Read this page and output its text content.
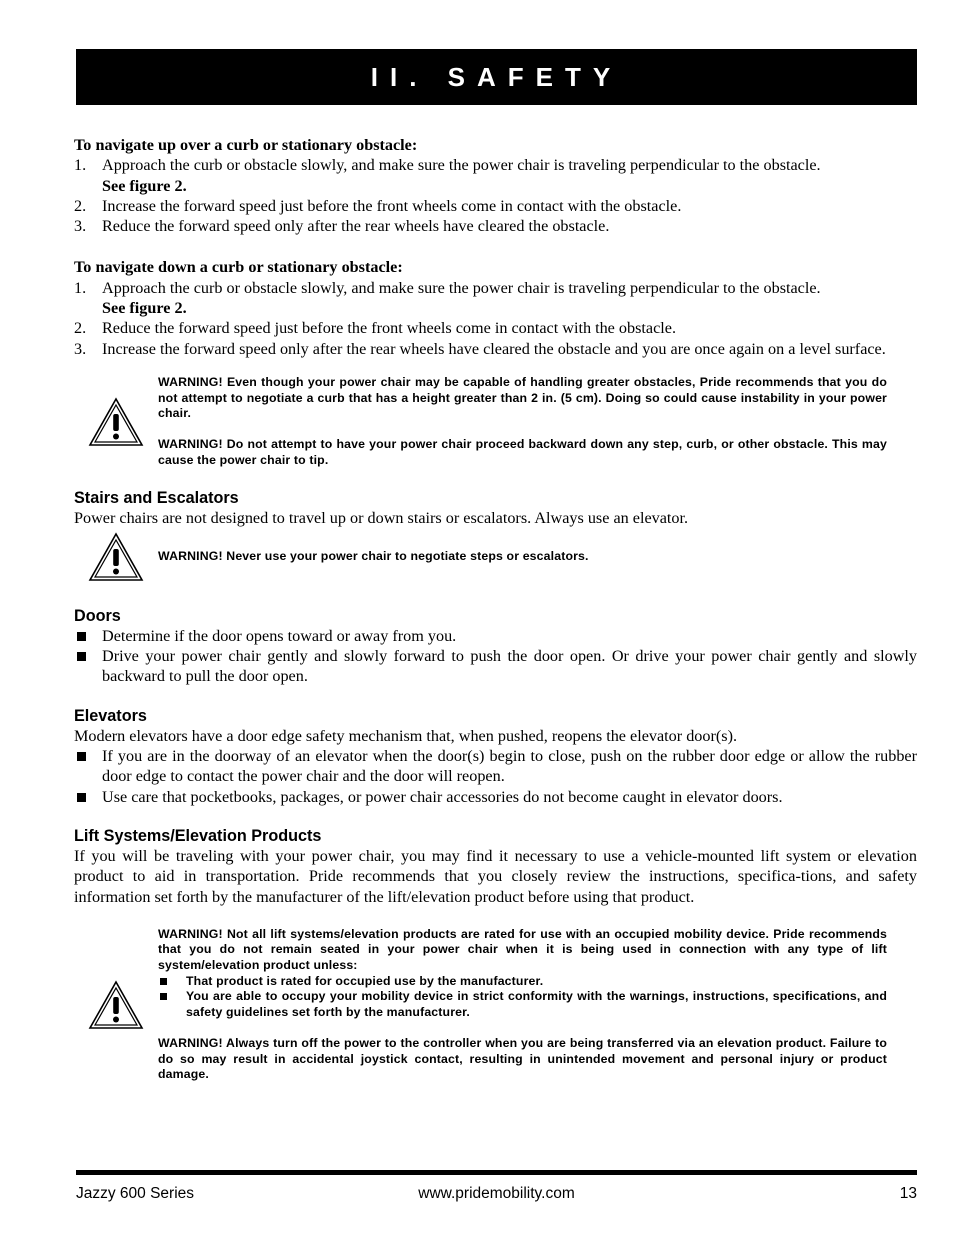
II. SAFETY

To navigate up over a curb or stationary obstacle:

1. Approach the curb or obstacle slowly, and make sure the power chair is traveling perpendicular to the obstacle.
See figure 2.
2. Increase the forward speed just before the front wheels come in contact with the obstacle.
3. Reduce the forward speed only after the rear wheels have cleared the obstacle.

To navigate down a curb or stationary obstacle:

1. Approach the curb or obstacle slowly, and make sure the power chair is traveling perpendicular to the obstacle.
See figure 2.
2. Reduce the forward speed just before the front wheels come in contact with the obstacle.
3. Increase the forward speed only after the rear wheels have cleared the obstacle and you are once again on a level surface.

WARNING! Even though your power chair may be capable of handling greater obstacles, Pride recommends that you do not attempt to negotiate a curb that has a height greater than 2 in. (5 cm). Doing so could cause instability in your power chair.

WARNING! Do not attempt to have your power chair proceed backward down any step, curb, or other obstacle. This may cause the power chair to tip.

Stairs and Escalators

Power chairs are not designed to travel up or down stairs or escalators. Always use an elevator.

WARNING! Never use your power chair to negotiate steps or escalators.

Doors
Determine if the door opens toward or away from you.
Drive your power chair gently and slowly forward to push the door open. Or drive your power chair gently and slowly backward to pull the door open.
Elevators

Modern elevators have a door edge safety mechanism that, when pushed, reopens the elevator door(s).

If you are in the doorway of an elevator when the door(s) begin to close, push on the rubber door edge or allow the rubber door edge to contact the power chair and the door will reopen.
Use care that pocketbooks, packages, or power chair accessories do not become caught in elevator doors.
Lift Systems/Elevation Products

If you will be traveling with your power chair, you may find it necessary to use a vehicle-mounted lift system or elevation product to aid in transportation. Pride recommends that you closely review the instructions, specifica-tions, and safety information set forth by the manufacturer of the lift/elevation product before using that product.

WARNING! Not all lift systems/elevation products are rated for use with an occupied mobility device. Pride recommends that you do not remain seated in your power chair when it is being used in connection with any type of lift system/elevation product unless:

That product is rated for occupied use by the manufacturer.
You are able to occupy your mobility device in strict conformity with the warnings, instructions, specifications, and safety guidelines set forth by the manufacturer.

WARNING! Always turn off the power to the controller when you are being transferred via an elevation product. Failure to do so may result in accidental joystick contact, resulting in unintended movement and personal injury or product damage.

Jazzy 600 Series	www.pridemobility.com	13
